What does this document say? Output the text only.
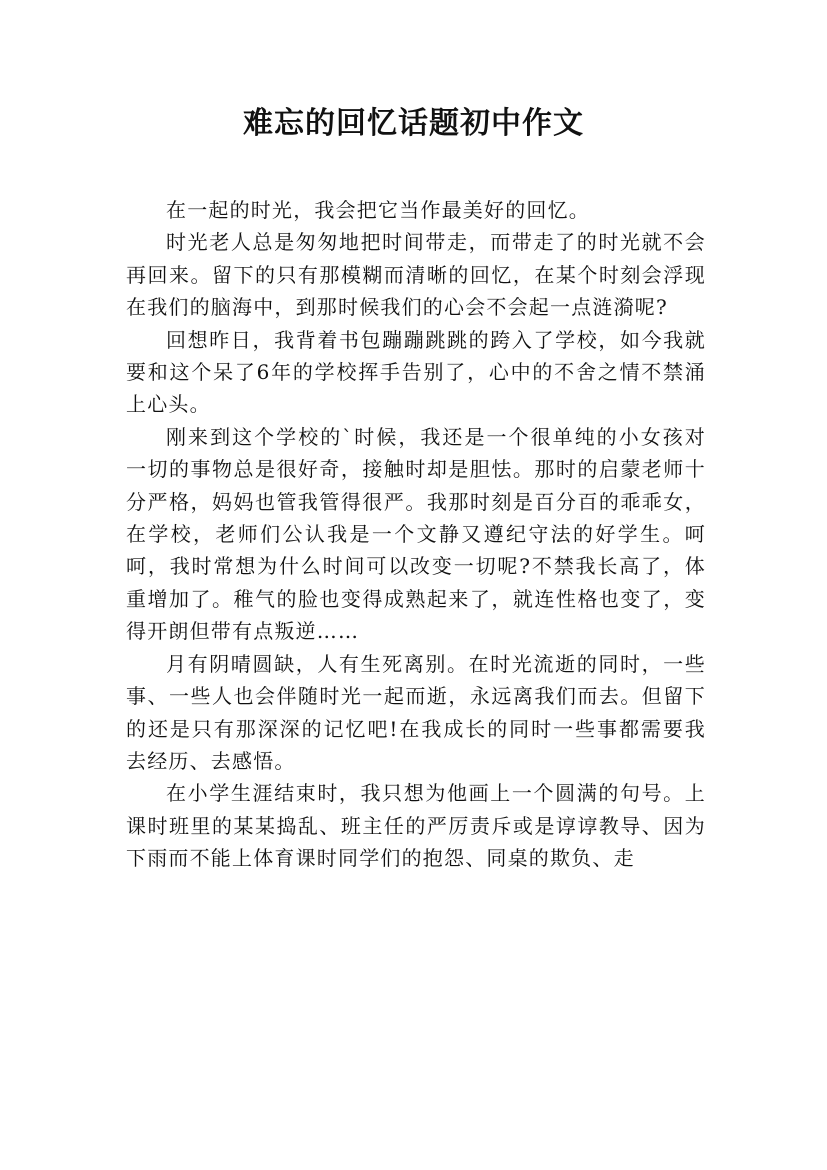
难忘的回忆话题初中作文

在一起的时光，我会把它当作最美好的回忆。

时光老人总是匆匆地把时间带走，而带走了的时光就不会再回来。留下的只有那模糊而清晰的回忆，在某个时刻会浮现在我们的脑海中，到那时候我们的心会不会起一点涟漪呢?

回想昨日，我背着书包蹦蹦跳跳的跨入了学校，如今我就要和这个呆了6年的学校挥手告别了，心中的不舍之情不禁涌上心头。

刚来到这个学校的`时候，我还是一个很单纯的小女孩对一切的事物总是很好奇，接触时却是胆怯。那时的启蒙老师十分严格，妈妈也管我管得很严。我那时刻是百分百的乖乖女，在学校，老师们公认我是一个文静又遵纪守法的好学生。呵呵，我时常想为什么时间可以改变一切呢?不禁我长高了，体重增加了。稚气的脸也变得成熟起来了，就连性格也变了，变得开朗但带有点叛逆……

月有阴晴圆缺，人有生死离别。在时光流逝的同时，一些事、一些人也会伴随时光一起而逝，永远离我们而去。但留下的还是只有那深深的记忆吧!在我成长的同时一些事都需要我去经历、去感悟。

在小学生涯结束时，我只想为他画上一个圆满的句号。上课时班里的某某捣乱、班主任的严厉责斥或是谆谆教导、因为下雨而不能上体育课时同学们的抱怨、同桌的欺负、走
